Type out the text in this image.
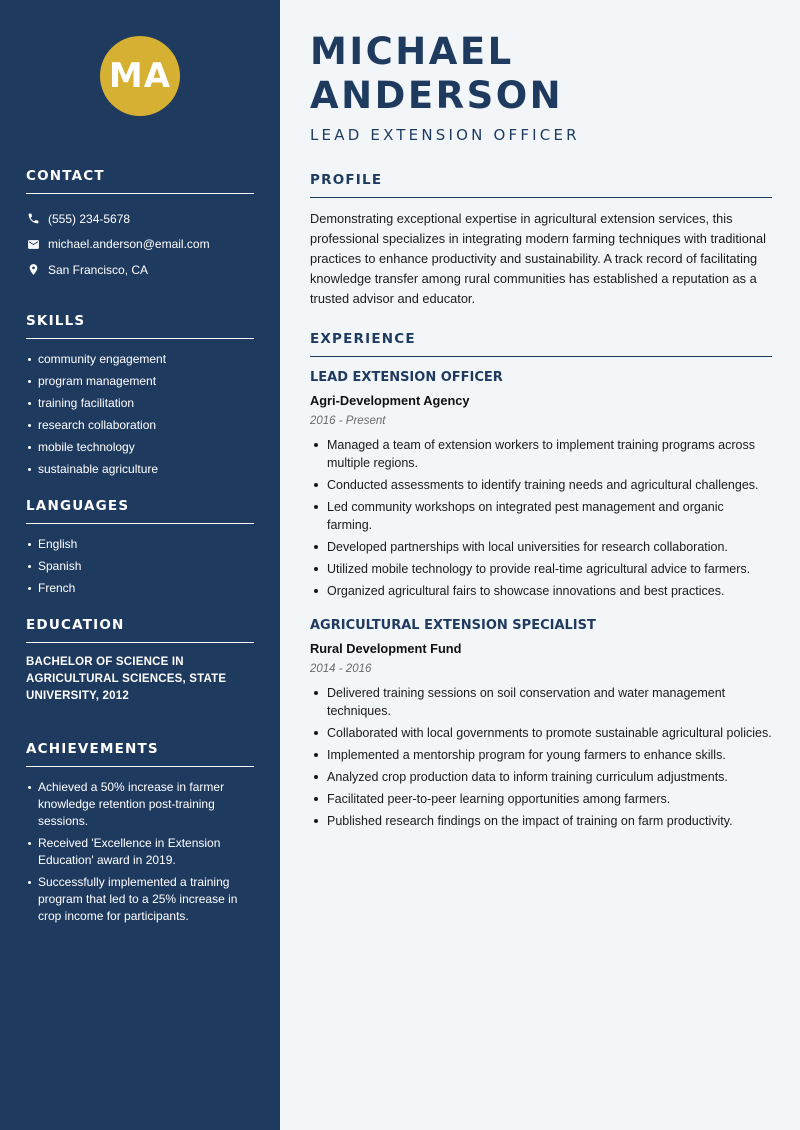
MA
CONTACT
(555) 234-5678
michael.anderson@email.com
San Francisco, CA
SKILLS
community engagement
program management
training facilitation
research collaboration
mobile technology
sustainable agriculture
LANGUAGES
English
Spanish
French
EDUCATION

BACHELOR OF SCIENCE IN AGRICULTURAL SCIENCES, STATE UNIVERSITY, 2012

ACHIEVEMENTS
Achieved a 50% increase in farmer knowledge retention post-training sessions.
Received 'Excellence in Extension Education' award in 2019.
Successfully implemented a training program that led to a 25% increase in crop income for participants.
MICHAEL ANDERSON
LEAD EXTENSION OFFICER
PROFILE

Demonstrating exceptional expertise in agricultural extension services, this professional specializes in integrating modern farming techniques with traditional practices to enhance productivity and sustainability. A track record of facilitating knowledge transfer among rural communities has established a reputation as a trusted advisor and educator.

EXPERIENCE
LEAD EXTENSION OFFICER
Agri-Development Agency
2016 - Present
Managed a team of extension workers to implement training programs across multiple regions.
Conducted assessments to identify training needs and agricultural challenges.
Led community workshops on integrated pest management and organic farming.
Developed partnerships with local universities for research collaboration.
Utilized mobile technology to provide real-time agricultural advice to farmers.
Organized agricultural fairs to showcase innovations and best practices.
AGRICULTURAL EXTENSION SPECIALIST
Rural Development Fund
2014 - 2016
Delivered training sessions on soil conservation and water management techniques.
Collaborated with local governments to promote sustainable agricultural policies.
Implemented a mentorship program for young farmers to enhance skills.
Analyzed crop production data to inform training curriculum adjustments.
Facilitated peer-to-peer learning opportunities among farmers.
Published research findings on the impact of training on farm productivity.
